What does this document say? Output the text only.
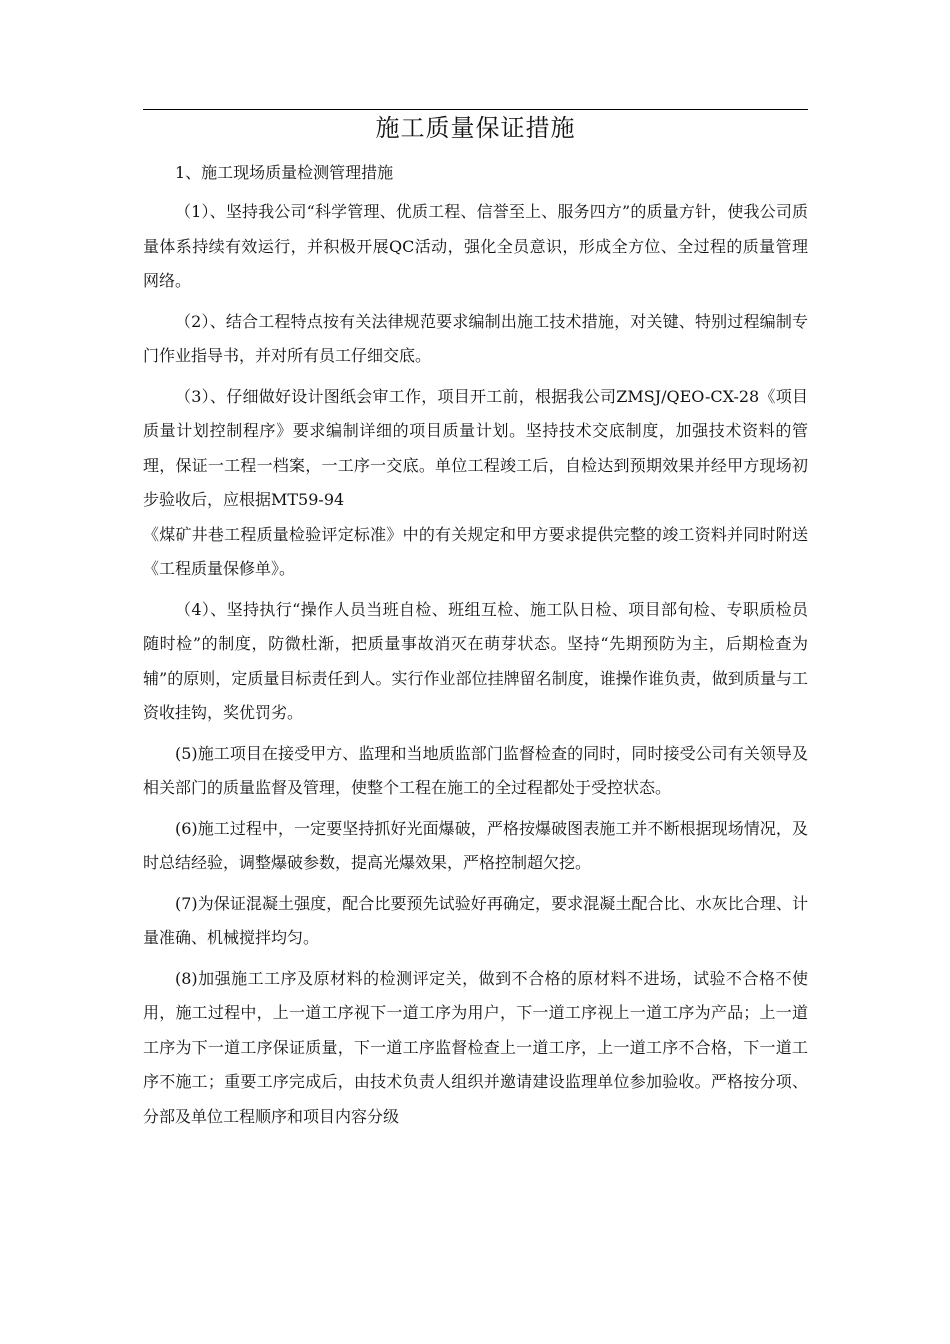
施工质量保证措施

1、施工现场质量检测管理措施

（1）、坚持我公司“科学管理、优质工程、信誉至上、服务四方”的质量方针，使我公司质量体系持续有效运行，并积极开展QC活动，强化全员意识，形成全方位、全过程的质量管理网络。

（2）、结合工程特点按有关法律规范要求编制出施工技术措施，对关键、特别过程编制专门作业指导书，并对所有员工仔细交底。

（3）、仔细做好设计图纸会审工作，项目开工前，根据我公司ZMSJ/QEO-CX-28《项目质量计划控制程序》要求编制详细的项目质量计划。坚持技术交底制度，加强技术资料的管理，保证一工程一档案，一工序一交底。单位工程竣工后，自检达到预期效果并经甲方现场初步验收后，应根据MT59-94

《煤矿井巷工程质量检验评定标准》中的有关规定和甲方要求提供完整的竣工资料并同时附送《工程质量保修单》。

（4）、坚持执行“操作人员当班自检、班组互检、施工队日检、项目部旬检、专职质检员随时检”的制度，防微杜渐，把质量事故消灭在萌芽状态。坚持“先期预防为主，后期检查为辅”的原则，定质量目标责任到人。实行作业部位挂牌留名制度，谁操作谁负责，做到质量与工资收挂钩，奖优罚劣。

(5)施工项目在接受甲方、监理和当地质监部门监督检查的同时，同时接受公司有关领导及相关部门的质量监督及管理，使整个工程在施工的全过程都处于受控状态。

(6)施工过程中，一定要坚持抓好光面爆破，严格按爆破图表施工并不断根据现场情况，及时总结经验，调整爆破参数，提高光爆效果，严格控制超欠挖。

(7)为保证混凝土强度，配合比要预先试验好再确定，要求混凝土配合比、水灰比合理、计量准确、机械搅拌均匀。

(8)加强施工工序及原材料的检测评定关，做到不合格的原材料不进场，试验不合格不使用，施工过程中，上一道工序视下一道工序为用户，下一道工序视上一道工序为产品；上一道工序为下一道工序保证质量，下一道工序监督检查上一道工序，上一道工序不合格，下一道工序不施工；重要工序完成后，由技术负责人组织并邀请建设监理单位参加验收。严格按分项、分部及单位工程顺序和项目内容分级
